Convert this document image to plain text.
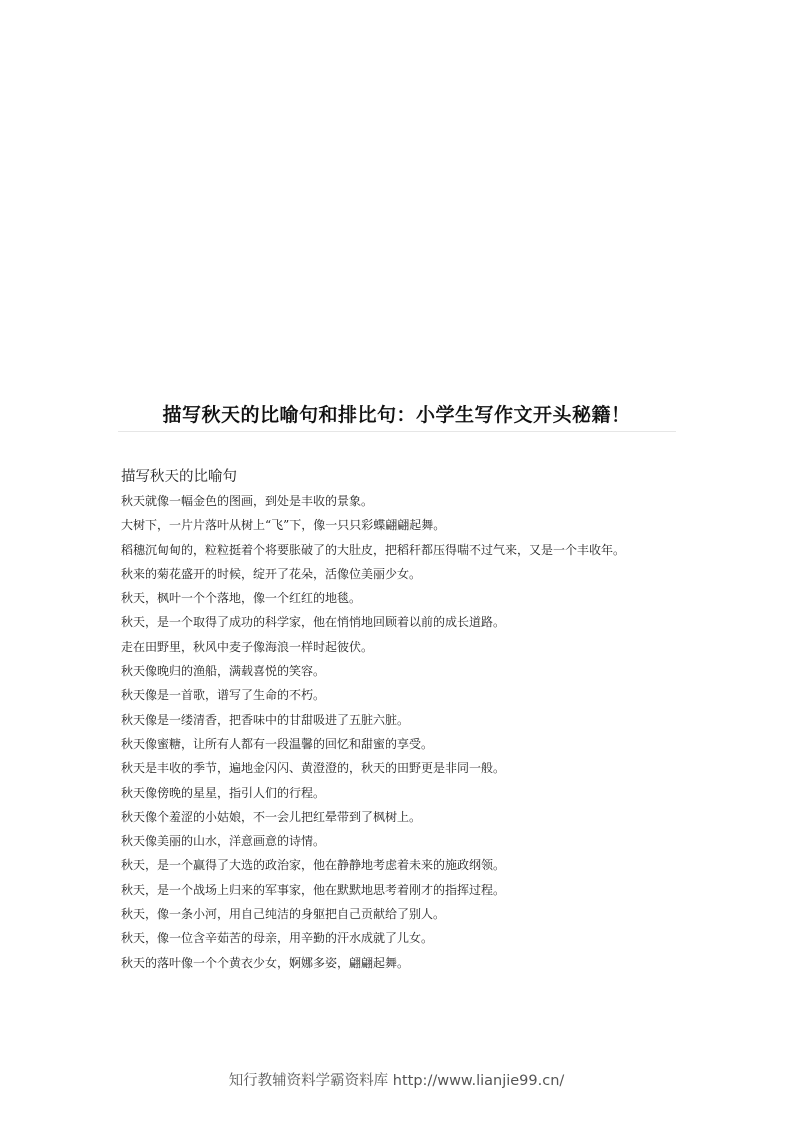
描写秋天的比喻句和排比句：小学生写作文开头秘籍！
描写秋天的比喻句
秋天就像一幅金色的图画，到处是丰收的景象。
大树下，一片片落叶从树上“飞”下，像一只只彩蝶翩翩起舞。
稻穗沉甸甸的，粒粒挺着个将要胀破了的大肚皮，把稻秆都压得喘不过气来，又是一个丰收年。
秋来的菊花盛开的时候，绽开了花朵，活像位美丽少女。
秋天，枫叶一个个落地，像一个红红的地毯。
秋天，是一个取得了成功的科学家，他在悄悄地回顾着以前的成长道路。
走在田野里，秋风中麦子像海浪一样时起彼伏。
秋天像晚归的渔船，满载喜悦的笑容。
秋天像是一首歌，谱写了生命的不朽。
秋天像是一缕清香，把香味中的甘甜吸进了五脏六脏。
秋天像蜜糖，让所有人都有一段温馨的回忆和甜蜜的享受。
秋天是丰收的季节，遍地金闪闪、黄澄澄的，秋天的田野更是非同一般。
秋天像傍晚的星星，指引人们的行程。
秋天像个羞涩的小姑娘，不一会儿把红晕带到了枫树上。
秋天像美丽的山水，洋意画意的诗情。
秋天，是一个赢得了大选的政治家，他在静静地考虑着未来的施政纲领。
秋天，是一个战场上归来的军事家，他在默默地思考着刚才的指挥过程。
秋天，像一条小河，用自己纯洁的身躯把自己贡献给了别人。
秋天，像一位含辛茹苦的母亲，用辛勤的汗水成就了儿女。
秋天的落叶像一个个黄衣少女，婀娜多姿，翩翩起舞。
知行教辅资料学霸资料库 http://www.lianjie99.cn/
